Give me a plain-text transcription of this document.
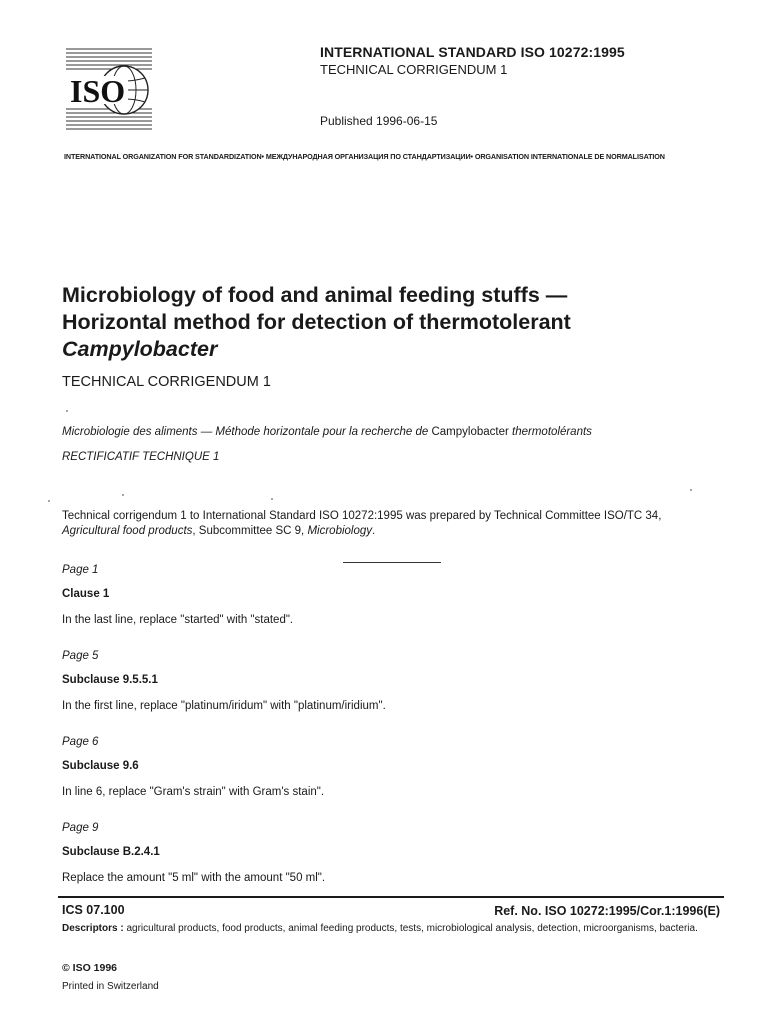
ISO
INTERNATIONAL STANDARD ISO 10272:1995
TECHNICAL CORRIGENDUM 1
Published 1996-06-15
INTERNATIONAL ORGANIZATION FOR STANDARDIZATION• МЕЖДУНАРОДНАЯ ОРГАНИЗАЦИЯ ПО СТАНДАРТИЗАЦИИ• ORGANISATION INTERNATIONALE DE NORMALISATION
Microbiology of food and animal feeding stuffs —
Horizontal method for detection of thermotolerant
Campylobacter
TECHNICAL CORRIGENDUM 1
Microbiologie des aliments — Méthode horizontale pour la recherche de Campylobacter thermotolérants
RECTIFICATIF TECHNIQUE 1
Technical corrigendum 1 to International Standard ISO 10272:1995 was prepared by Technical Committee ISO/TC 34,
Agricultural food products, Subcommittee SC 9, Microbiology.
Page 1
Clause 1
In the last line, replace "started" with "stated".
Page 5
Subclause 9.5.5.1
In the first line, replace "platinum/iridum" with "platinum/iridium".
Page 6
Subclause 9.6
In line 6, replace "Gram's strain" with Gram's stain".
Page 9
Subclause B.2.4.1
Replace the amount "5 ml" with the amount "50 ml".
ICS 07.100	Ref. No. ISO 10272:1995/Cor.1:1996(E)
Descriptors : agricultural products, food products, animal feeding products, tests, microbiological analysis, detection, microorganisms, bacteria.
© ISO 1996
Printed in Switzerland
